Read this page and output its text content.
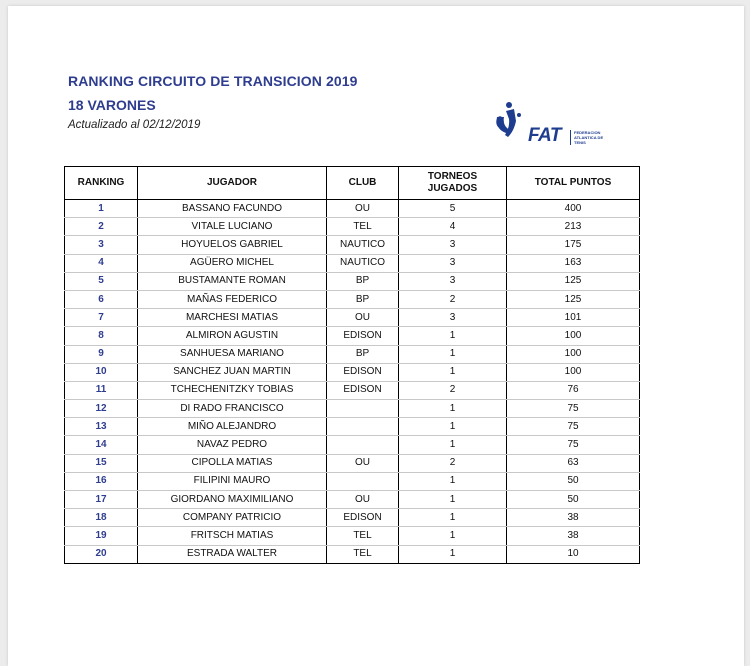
RANKING CIRCUITO DE TRANSICION 2019
18 VARONES
Actualizado al 02/12/2019	FAT	FEDERACION ATLANTICA DE TENIS
RANKING	JUGADOR	CLUB	TORNEOS JUGADOS	TOTAL PUNTOS
1	BASSANO FACUNDO	OU	5	400
2	VITALE LUCIANO	TEL	4	213
3	HOYUELOS GABRIEL	NAUTICO	3	175
4	AGÜERO MICHEL	NAUTICO	3	163
5	BUSTAMANTE ROMAN	BP	3	125
6	MAÑAS FEDERICO	BP	2	125
7	MARCHESI MATIAS	OU	3	101
8	ALMIRON AGUSTIN	EDISON	1	100
9	SANHUESA MARIANO	BP	1	100
10	SANCHEZ JUAN MARTIN	EDISON	1	100
11	TCHECHENITZKY TOBIAS	EDISON	2	76
12	DI RADO FRANCISCO		1	75
13	MIÑO ALEJANDRO		1	75
14	NAVAZ PEDRO		1	75
15	CIPOLLA MATIAS	OU	2	63
16	FILIPINI MAURO		1	50
17	GIORDANO MAXIMILIANO	OU	1	50
18	COMPANY PATRICIO	EDISON	1	38
19	FRITSCH MATIAS	TEL	1	38
20	ESTRADA WALTER	TEL	1	10
